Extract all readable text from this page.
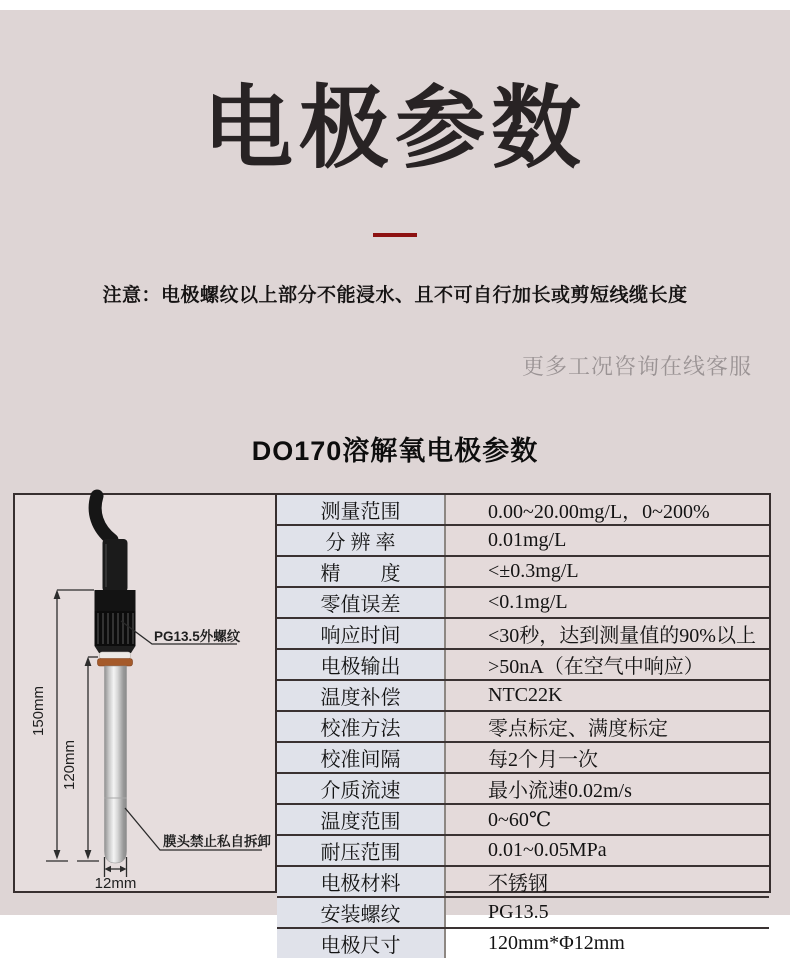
电极参数
注意：电极螺纹以上部分不能浸水、且不可自行加长或剪短线缆长度
更多工况咨询在线客服
DO170溶解氧电极参数
150mm
120mm
12mm
PG13.5外螺纹
膜头禁止私自拆卸
测量范围	0.00~20.00mg/L，0~200%
分 辨 率	0.01mg/L
精　　度	<±0.3mg/L
零值误差	<0.1mg/L
响应时间	<30秒，达到测量值的90%以上
电极输出	>50nA（在空气中响应）
温度补偿	NTC22K
校准方法	零点标定、满度标定
校准间隔	每2个月一次
介质流速	最小流速0.02m/s
温度范围	0~60℃
耐压范围	0.01~0.05MPa
电极材料	不锈钢
安装螺纹	PG13.5
电极尺寸	120mm*Φ12mm
